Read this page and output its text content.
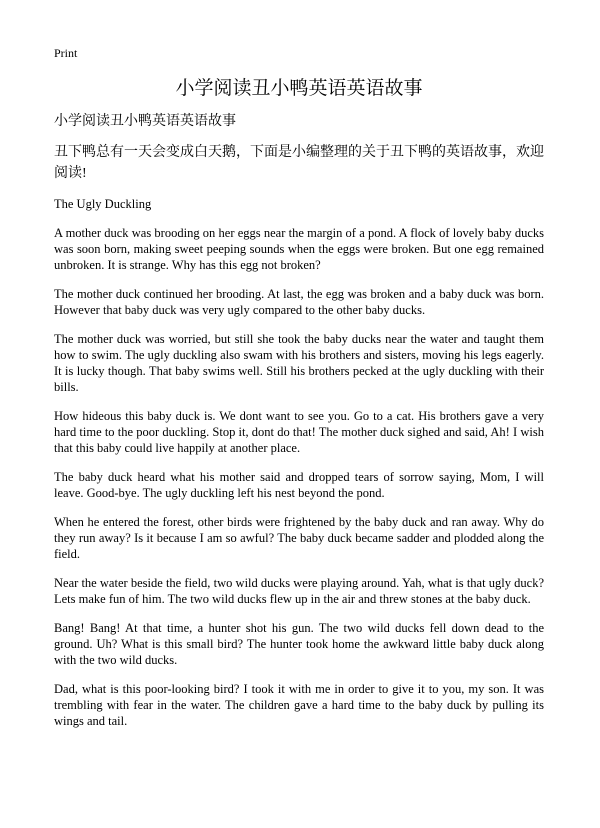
Print

小学阅读丑小鸭英语英语故事

小学阅读丑小鸭英语英语故事

丑下鸭总有一天会变成白天鹅，下面是小编整理的关于丑下鸭的英语故事，欢迎阅读!

The Ugly Duckling

A mother duck was brooding on her eggs near the margin of a pond. A flock of lovely baby ducks was soon born, making sweet peeping sounds when the eggs were broken. But one egg remained unbroken. It is strange. Why has this egg not broken?

The mother duck continued her brooding. At last, the egg was broken and a baby duck was born. However that baby duck was very ugly compared to the other baby ducks.

The mother duck was worried, but still she took the baby ducks near the water and taught them how to swim. The ugly duckling also swam with his brothers and sisters, moving his legs eagerly. It is lucky though. That baby swims well. Still his brothers pecked at the ugly duckling with their bills.

How hideous this baby duck is. We dont want to see you. Go to a cat. His brothers gave a very hard time to the poor duckling. Stop it, dont do that! The mother duck sighed and said, Ah! I wish that this baby could live happily at another place.

The baby duck heard what his mother said and dropped tears of sorrow saying, Mom, I will leave. Good-bye. The ugly duckling left his nest beyond the pond.

When he entered the forest, other birds were frightened by the baby duck and ran away. Why do they run away? Is it because I am so awful? The baby duck became sadder and plodded along the field.

Near the water beside the field, two wild ducks were playing around. Yah, what is that ugly duck? Lets make fun of him. The two wild ducks flew up in the air and threw stones at the baby duck.

Bang! Bang! At that time, a hunter shot his gun. The two wild ducks fell down dead to the ground. Uh? What is this small bird? The hunter took home the awkward little baby duck along with the two wild ducks.

Dad, what is this poor-looking bird? I took it with me in order to give it to you, my son. It was trembling with fear in the water. The children gave a hard time to the baby duck by pulling its wings and tail.
